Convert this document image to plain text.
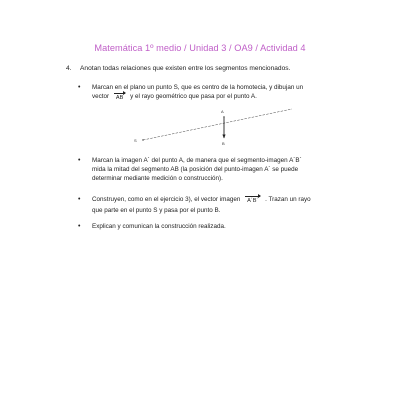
Matemática 1º medio / Unidad 3 / OA9 / Actividad 4
4. Anotan todas relaciones que existen entre los segmentos mencionados.
• Marcan en el plano un punto S, que es centro de la homotecia, y dibujan un
vector AB y el rayo geométrico que pasa por el punto A.
S
A
B
• Marcan la imagen A´ del punto A, de manera que el segmento-imagen A´B´
mida la mitad del segmento AB (la posición del punto-imagen A´ se puede
determinar mediante medición o construcción).
• Construyen, como en el ejercicio 3), el vector imagen A´B´ . Trazan un rayo
que parte en el punto S y pasa por el punto B.
• Explican y comunican la construcción realizada.
